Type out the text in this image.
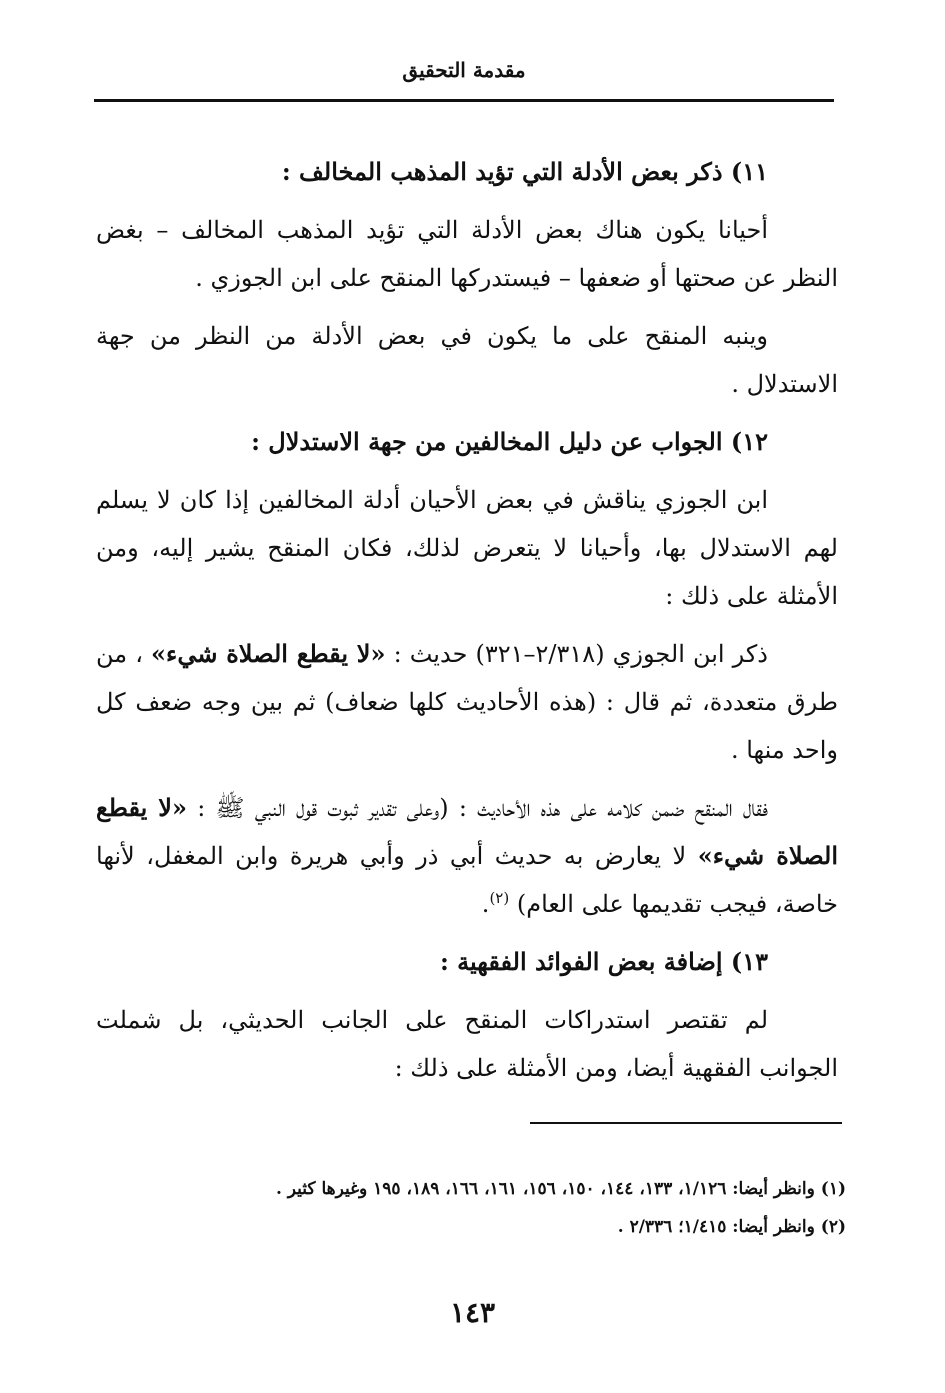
مقدمة التحقيق

١١) ذكر بعض الأدلة التي تؤيد المذهب المخالف :

أحيانا يكون هناك بعض الأدلة التي تؤيد المذهب المخالف – بغض النظر عن صحتها أو ضعفها – فيستدركها المنقح على ابن الجوزي .

وينبه المنقح على ما يكون في بعض الأدلة من النظر من جهة الاستدلال .

١٢) الجواب عن دليل المخالفين من جهة الاستدلال :

ابن الجوزي يناقش في بعض الأحيان أدلة المخالفين إذا كان لا يسلم لهم الاستدلال بها، وأحيانا لا يتعرض لذلك، فكان المنقح يشير إليه، ومن الأمثلة على ذلك :

ذكر ابن الجوزي (٢/٣١٨–٣٢١) حديث : «لا يقطع الصلاة شيء» ، من طرق متعددة، ثم قال : (هذه الأحاديث كلها ضعاف) ثم بين وجه ضعف كل واحد منها .

فقال المنقح ضمن كلامه على هذه الأحاديث : (وعلى تقدير ثبوت قول النبي ﷺ : «لا يقطع الصلاة شيء» لا يعارض به حديث أبي ذر وأبي هريرة وابن المغفل، لأنها خاصة، فيجب تقديمها على العام) $^{(٢)}$.

١٣) إضافة بعض الفوائد الفقهية :

لم تقتصر استدراكات المنقح على الجانب الحديثي، بل شملت الجوانب الفقهية أيضا، ومن الأمثلة على ذلك :

(١) وانظر أيضا: ١/١٢٦، ١٣٣، ١٤٤، ١٥٠، ١٥٦، ١٦١، ١٦٦، ١٨٩، ١٩٥ وغيرها كثير .

(٢) وانظر أيضا: ١/٤١٥؛ ٢/٣٣٦ .

١٤٣
